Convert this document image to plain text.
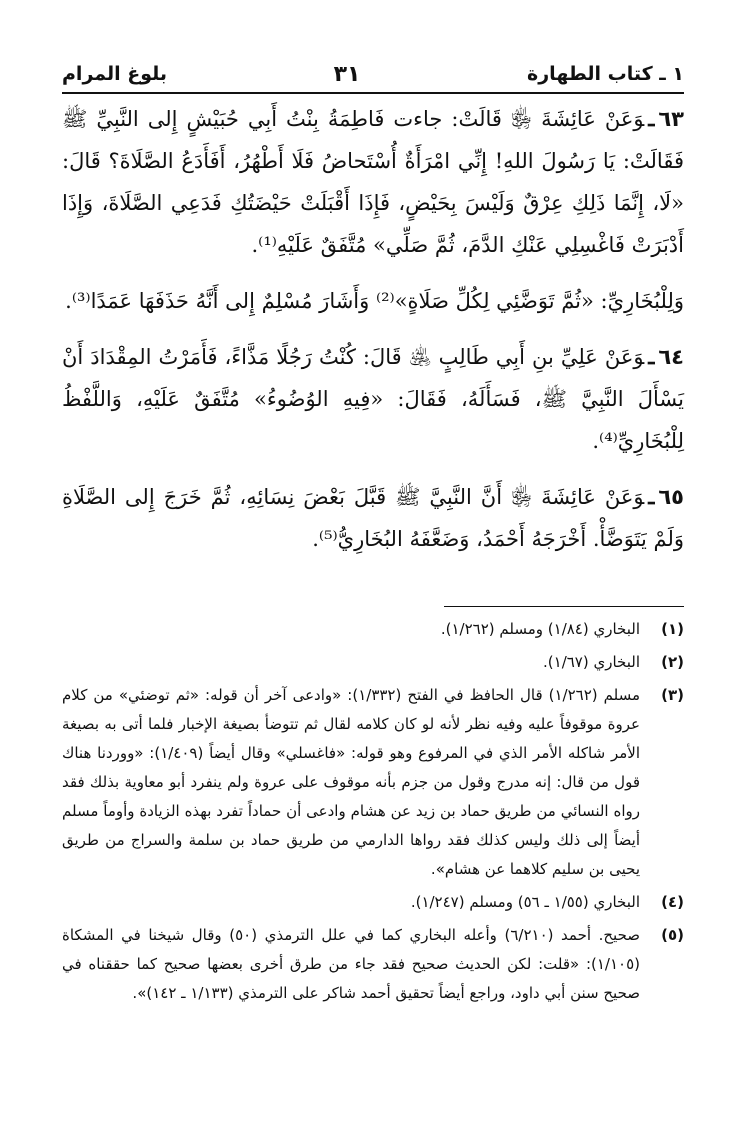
١ ـ كتاب الطهارة
٣١
بلوغ المرام

٦٣ـوَعَنْ عَائِشَةَ ﵂ قَالَتْ: جاءت فَاطِمَةُ بِنْتُ أَبِي حُبَيْشٍ إِلى النَّبِيِّ ﷺ فَقَالَتْ: يَا رَسُولَ اللهِ! إِنِّي امْرَأَةٌ أُسْتَحاضُ فَلَا أَطْهُرُ، أَفَأَدَعُ الصَّلَاةَ؟ قَالَ: «لَا، إِنَّمَا ذَلِكِ عِرْقٌ وَلَيْسَ بِحَيْضٍ، فَإِذَا أَقْبَلَتْ حَيْضَتُكِ فَدَعِي الصَّلَاةَ، وَإِذَا أَدْبَرَتْ فَاغْسِلِي عَنْكِ الدَّمَ، ثُمَّ صَلِّي» مُتَّفَقٌ عَلَيْهِ⁽¹⁾.

وَلِلْبُخَارِيِّ: «ثُمَّ تَوَضَّئِي لِكُلِّ صَلَاةٍ»⁽²⁾ وَأَشَارَ مُسْلِمٌ إِلى أَنَّهُ حَذَفَهَا عَمَدًا⁽³⁾.

٦٤ـوَعَنْ عَلِيِّ بنِ أَبِي طَالِبٍ ﵁ قَالَ: كُنْتُ رَجُلًا مَذَّاءً، فَأَمَرْتُ المِقْدَادَ أَنْ يَسْأَلَ النَّبِيَّ ﷺ، فَسَأَلَهُ، فَقَالَ: «فِيهِ الوُضُوءُ» مُتَّفَقٌ عَلَيْهِ، وَاللَّفْظُ لِلْبُخَارِيِّ⁽⁴⁾.

٦٥ـوَعَنْ عَائِشَةَ ﵂ أَنَّ النَّبِيَّ ﷺ قَبَّلَ بَعْضَ نِسَائِهِ، ثُمَّ خَرَجَ إِلى الصَّلَاةِ وَلَمْ يَتَوَضَّأْ. أَخْرَجَهُ أَحْمَدُ، وَضَعَّفَهُ البُخَارِيُّ⁽⁵⁾.

(١)
البخاري (١/٨٤) ومسلم (١/٢٦٢).
(٢)
البخاري (١/٦٧).
(٣)
مسلم (١/٢٦٢) قال الحافظ في الفتح (١/٣٣٢): «وادعى آخر أن قوله: «ثم توضئي» من كلام عروة موقوفاً عليه وفيه نظر لأنه لو كان كلامه لقال ثم تتوضأ بصيغة الإخبار فلما أتى به بصيغة الأمر شاكله الأمر الذي في المرفوع وهو قوله: «فاغسلي» وقال أيضاً (١/٤٠٩): «ووردنا هناك قول من قال: إنه مدرج وقول من جزم بأنه موقوف على عروة ولم ينفرد أبو معاوية بذلك فقد رواه النسائي من طريق حماد بن زيد عن هشام وادعى أن حماداً تفرد بهذه الزيادة وأوماً مسلم أيضاً إلى ذلك وليس كذلك فقد رواها الدارمي من طريق حماد بن سلمة والسراج من طريق يحيى بن سليم كلاهما عن هشام».
(٤)
البخاري (١/٥٥ ـ ٥٦) ومسلم (١/٢٤٧).
(٥)
صحيح. أحمد (٦/٢١٠) وأعله البخاري كما في علل الترمذي (٥٠) وقال شيخنا في المشكاة (١/١٠٥): «قلت: لكن الحديث صحيح فقد جاء من طرق أخرى بعضها صحيح كما حققناه في صحيح سنن أبي داود، وراجع أيضاً تحقيق أحمد شاكر على الترمذي (١/١٣٣ ـ ١٤٢)».
